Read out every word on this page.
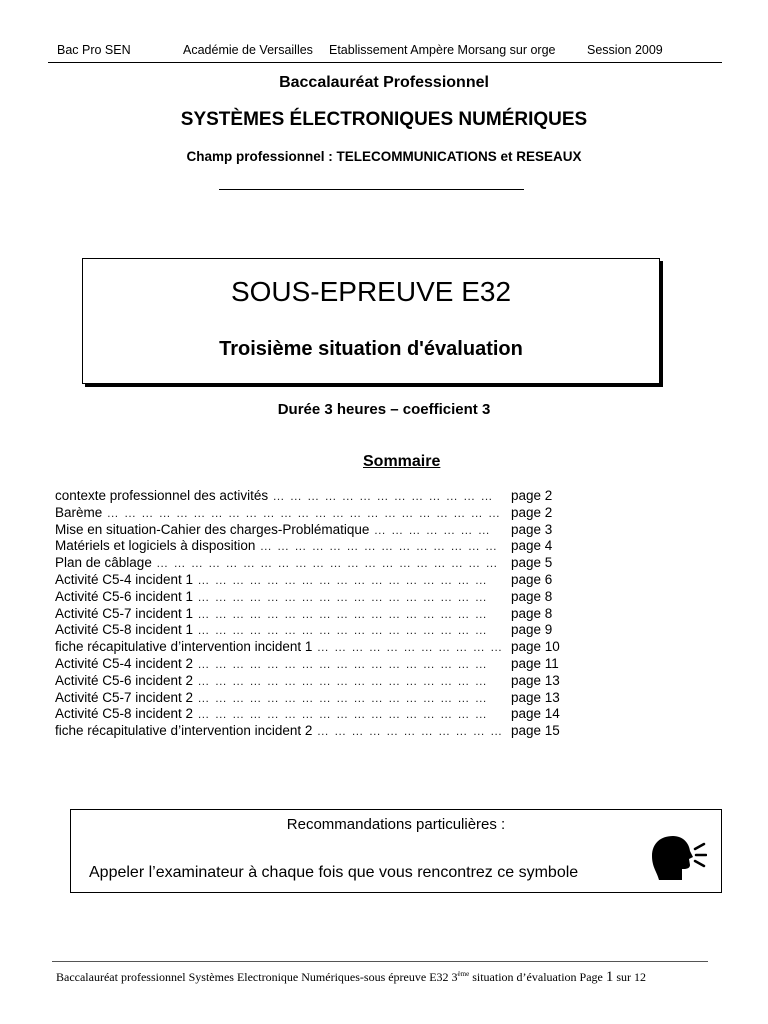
Bac Pro SEN	Académie de Versailles Etablissement Ampère Morsang sur orge	Session 2009
Baccalauréat Professionnel
SYSTÈMES ÉLECTRONIQUES NUMÉRIQUES
Champ professionnel : TELECOMMUNICATIONS et RESEAUX
SOUS-EPREUVE E32
Troisième situation d'évaluation
Durée 3 heures – coefficient 3
Sommaire
contexte professionnel des activités … … … … … … … … … … … … … page 2
Barème … … … … … … … … … … … … … … … … … … … … … … … page 2
Mise en situation-Cahier des charges-Problématique … … … … … … … page 3
Matériels et logiciels à disposition … … … … … … … … … … … … … … page 4
Plan de câblage … … … … … … … … … … … … … … … … … … … … page 5
Activité C5-4 incident 1 … … … … … … … … … … … … … … … … … page 6
Activité C5-6 incident 1 … … … … … … … … … … … … … … … … … page 8
Activité C5-7 incident 1 … … … … … … … … … … … … … … … … … page 8
Activité C5-8 incident 1 … … … … … … … … … … … … … … … … … page 9
fiche récapitulative d’intervention incident 1 … … … … … … … … … … … page 10
Activité C5-4 incident 2 … … … … … … … … … … … … … … … … … page 11
Activité C5-6 incident 2 … … … … … … … … … … … … … … … … … page 13
Activité C5-7 incident 2 … … … … … … … … … … … … … … … … … page 13
Activité C5-8 incident 2 … … … … … … … … … … … … … … … … … page 14
fiche récapitulative d’intervention incident 2 … … … … … … … … … … … page 15
Recommandations particulières :
Appeler l’examinateur à chaque fois que vous rencontrez ce symbole
Baccalauréat professionnel Systèmes Electronique Numériques-sous épreuve E32 3ème situation d’évaluation Page 1 sur 12
